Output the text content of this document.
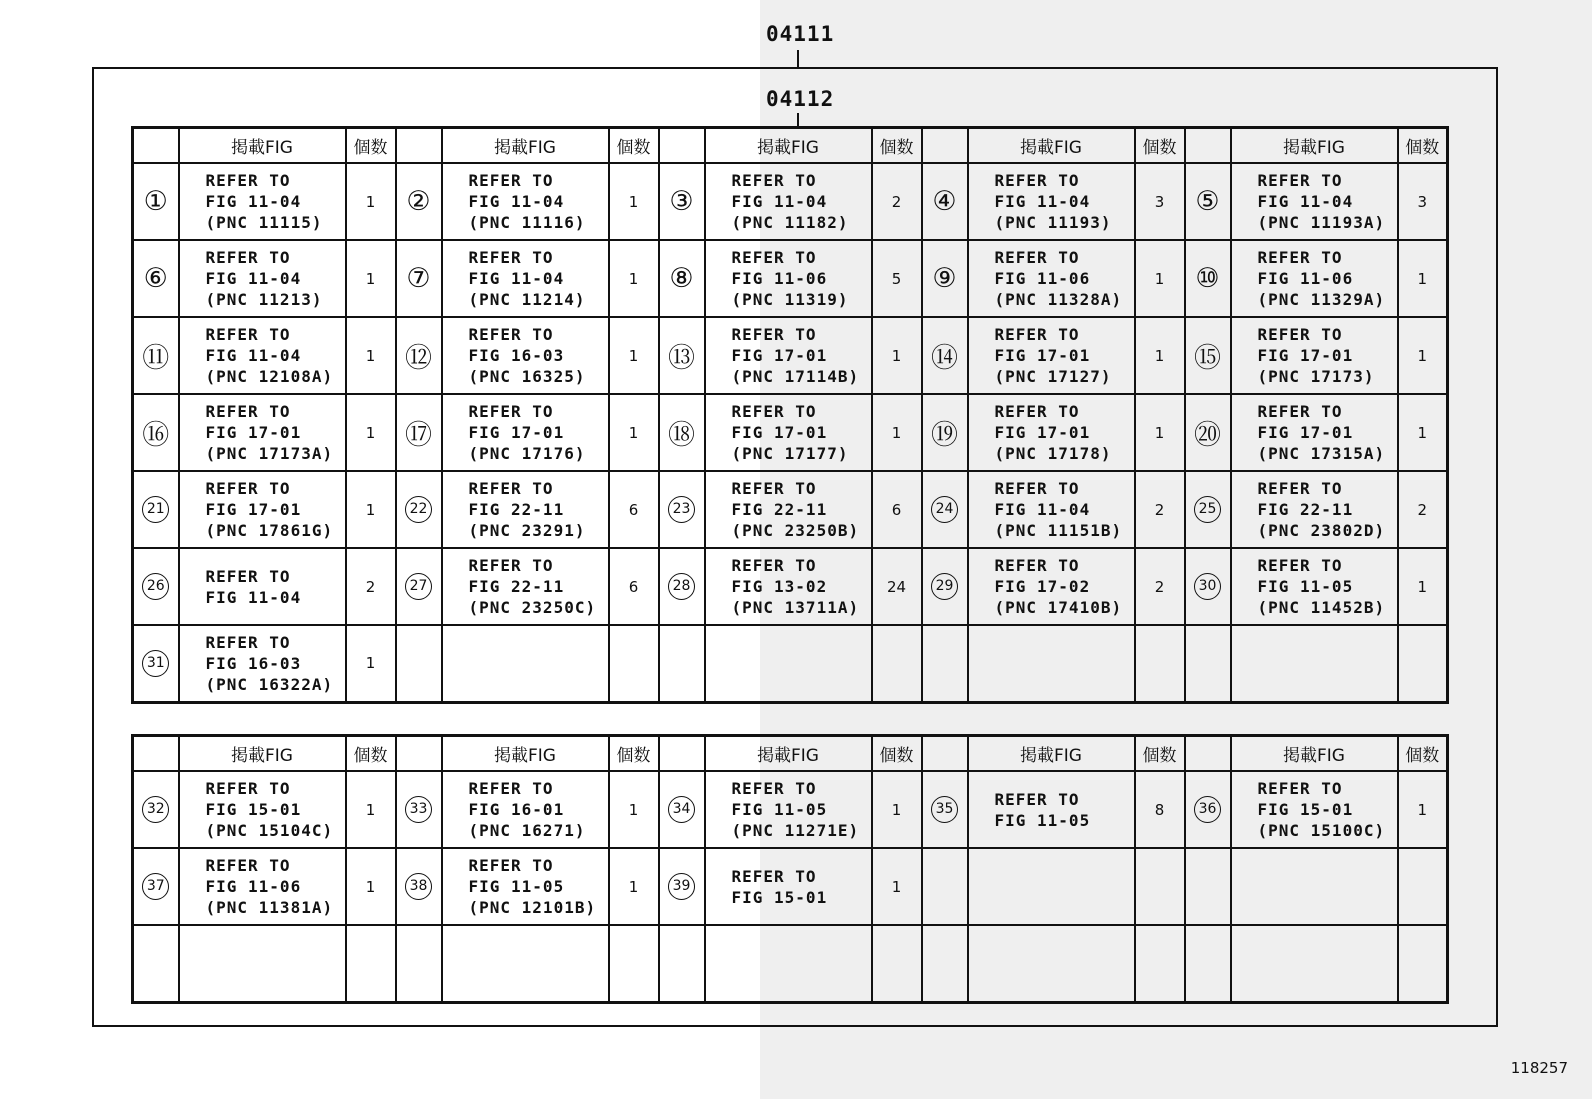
04111
04112
	掲載FIG	個数		掲載FIG	個数		掲載FIG	個数		掲載FIG	個数		掲載FIG	個数
①	REFER TO
FIG 11-04
(PNC 11115)	1	②	REFER TO
FIG 11-04
(PNC 11116)	1	③	REFER TO
FIG 11-04
(PNC 11182)	2	④	REFER TO
FIG 11-04
(PNC 11193)	3	⑤	REFER TO
FIG 11-04
(PNC 11193A)	3
⑥	REFER TO
FIG 11-04
(PNC 11213)	1	⑦	REFER TO
FIG 11-04
(PNC 11214)	1	⑧	REFER TO
FIG 11-06
(PNC 11319)	5	⑨	REFER TO
FIG 11-06
(PNC 11328A)	1	⑩	REFER TO
FIG 11-06
(PNC 11329A)	1
⑪	REFER TO
FIG 11-04
(PNC 12108A)	1	⑫	REFER TO
FIG 16-03
(PNC 16325)	1	⑬	REFER TO
FIG 17-01
(PNC 17114B)	1	⑭	REFER TO
FIG 17-01
(PNC 17127)	1	⑮	REFER TO
FIG 17-01
(PNC 17173)	1
⑯	REFER TO
FIG 17-01
(PNC 17173A)	1	⑰	REFER TO
FIG 17-01
(PNC 17176)	1	⑱	REFER TO
FIG 17-01
(PNC 17177)	1	⑲	REFER TO
FIG 17-01
(PNC 17178)	1	⑳	REFER TO
FIG 17-01
(PNC 17315A)	1
21	REFER TO
FIG 17-01
(PNC 17861G)	1	22	REFER TO
FIG 22-11
(PNC 23291)	6	23	REFER TO
FIG 22-11
(PNC 23250B)	6	24	REFER TO
FIG 11-04
(PNC 11151B)	2	25	REFER TO
FIG 22-11
(PNC 23802D)	2
26	REFER TO
FIG 11-04	2	27	REFER TO
FIG 22-11
(PNC 23250C)	6	28	REFER TO
FIG 13-02
(PNC 13711A)	24	29	REFER TO
FIG 17-02
(PNC 17410B)	2	30	REFER TO
FIG 11-05
(PNC 11452B)	1
31	REFER TO
FIG 16-03
(PNC 16322A)	1												
	掲載FIG	個数		掲載FIG	個数		掲載FIG	個数		掲載FIG	個数		掲載FIG	個数
32	REFER TO
FIG 15-01
(PNC 15104C)	1	33	REFER TO
FIG 16-01
(PNC 16271)	1	34	REFER TO
FIG 11-05
(PNC 11271E)	1	35	REFER TO
FIG 11-05	8	36	REFER TO
FIG 15-01
(PNC 15100C)	1
37	REFER TO
FIG 11-06
(PNC 11381A)	1	38	REFER TO
FIG 11-05
(PNC 12101B)	1	39	REFER TO
FIG 15-01	1						

118257
